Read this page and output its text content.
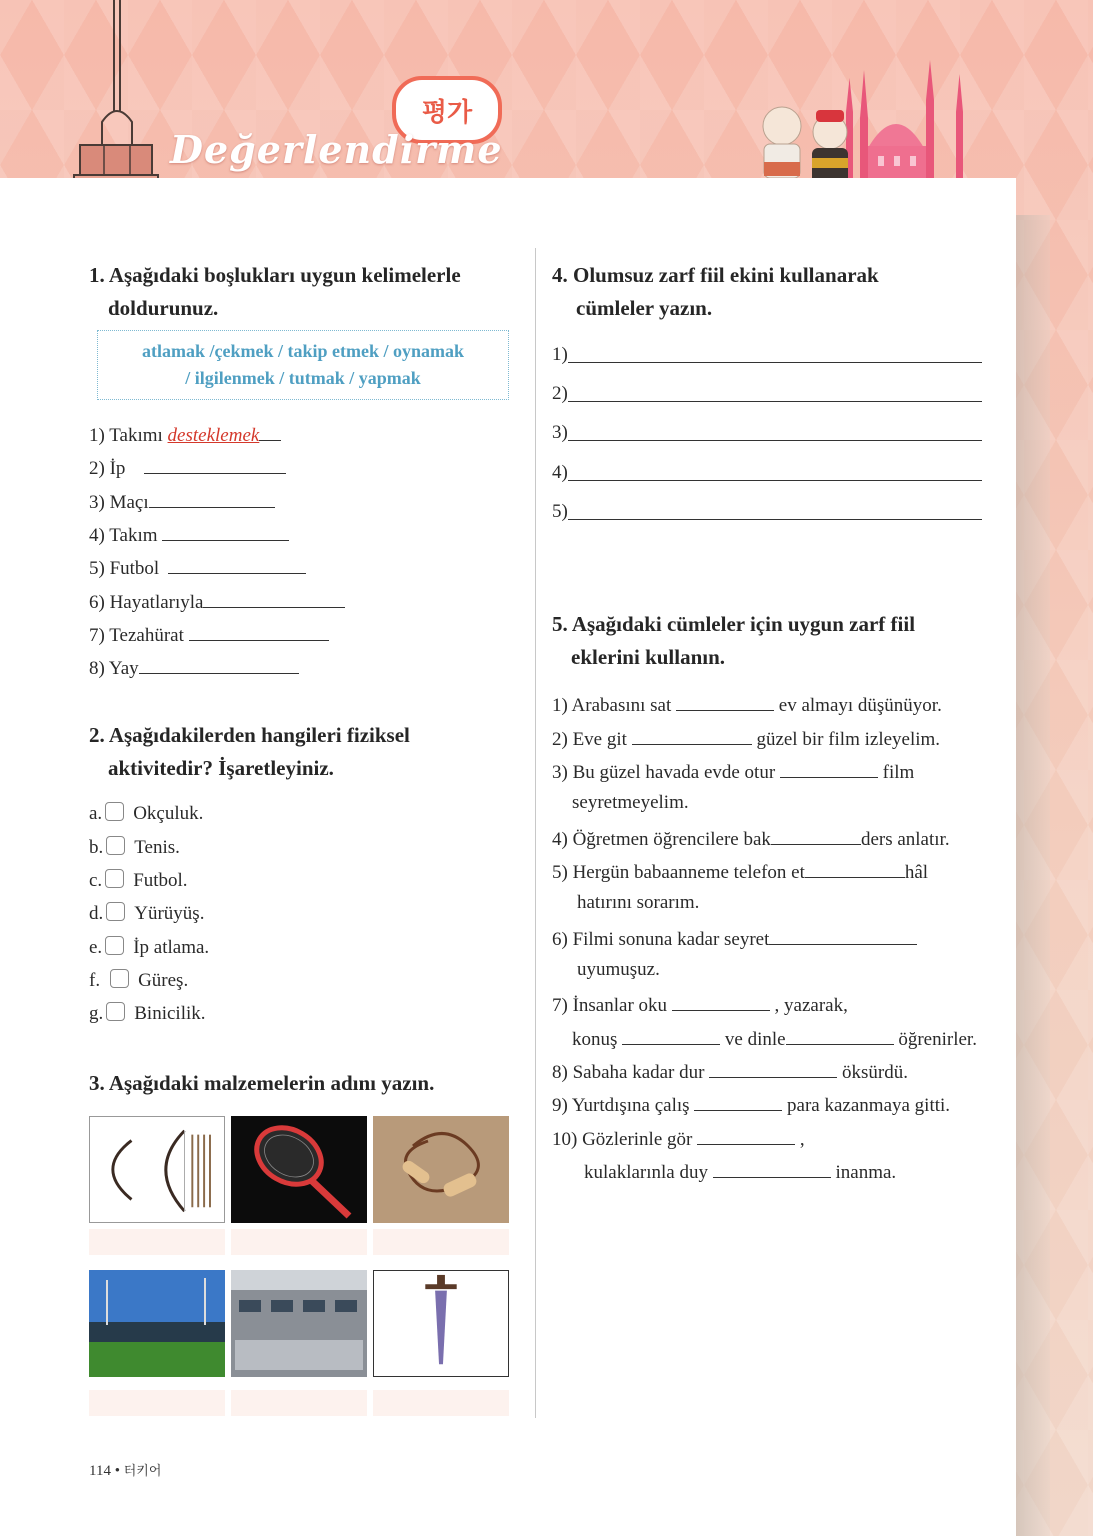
평가
Değerlendirme
1. Aşağıdaki boşlukları uygun kelimelerle
doldurunuz.
atlamak /çekmek / takip etmek / oynamak
/ ilgilenmek / tutmak / yapmak
1) Takımı desteklemek
2) İp
3) Maçı
4) Takım
5) Futbol
6) Hayatlarıyla
7) Tezahürat
8) Yay
2. Aşağıdakilerden hangileri fiziksel
aktivitedir? İşaretleyiniz.
a. Okçuluk.
b. Tenis.
c. Futbol.
d. Yürüyüş.
e. İp atlama.
f. Güreş.
g. Binicilik.
3. Aşağıdaki malzemelerin adını yazın.
4. Olumsuz zarf fiil ekini kullanarak
cümleler yazın.
1)
2)
3)
4)
5)
5. Aşağıdaki cümleler için uygun zarf fiil
eklerini kullanın.
1) Arabasını sat	ev almayı düşünüyor.
2) Eve git	güzel bir film izleyelim.
3) Bu güzel havada evde otur	film
seyretmeyelim.
4) Öğretmen öğrencilere bak	ders anlatır.
5) Hergün babaanneme telefon et	hâl
hatırını sorarım.
6) Filmi sonuna kadar seyret
uyumuşuz.
7) İnsanlar oku	, yazarak,
konuş	ve dinle	öğrenirler.
8) Sabaha kadar dur	öksürdü.
9) Yurtdışına çalış	para kazanmaya gitti.
10) Gözlerinle gör	,
kulaklarınla duy	inanma.
114 • 터키어
